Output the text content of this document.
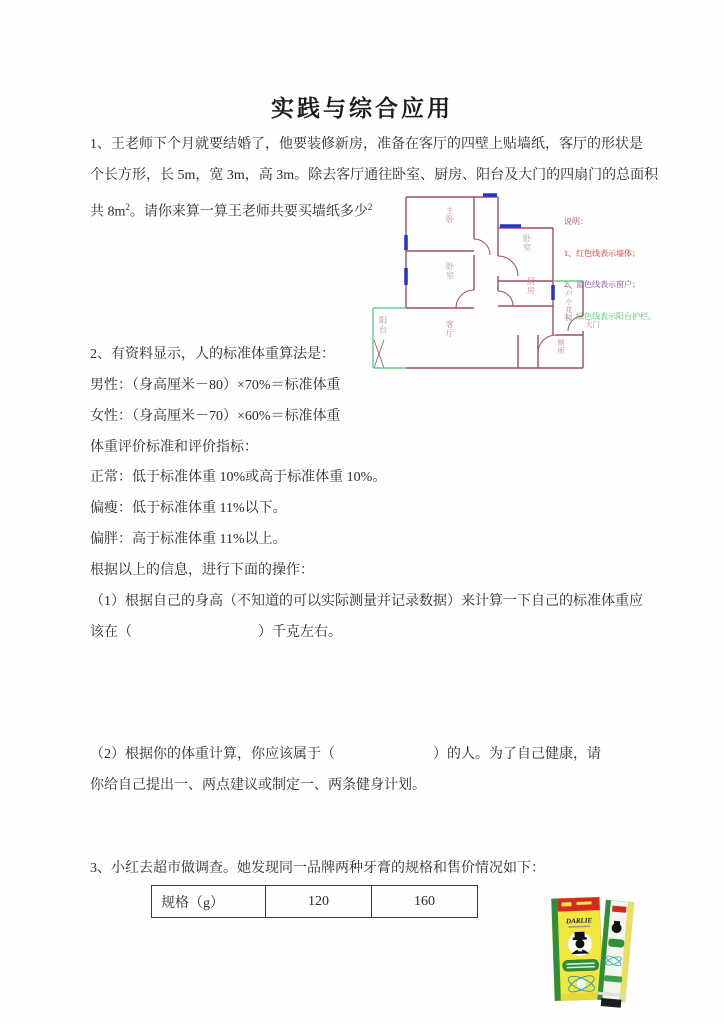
实践与综合应用
1、王老师下个月就要结婚了，他要装修新房，准备在客厅的四壁上贴墙纸，客厅的形状是
个长方形，长 5m，宽 3m，高 3m。除去客厅通往卧室、厨房、阳台及大门的四扇门的总面积
共 $8m^2$。请你来算一算王老师共要买墙纸多少$^2$

说明：

1、红色线表示墙体；

2、蓝色线表示窗户；

3、绿色线表示阳台护栏。

主卧
卧室
卧室
厨房	入户小花园
大门
厕所
客厅
阳台
2、有资料显示，人的标准体重算法是：
男性：（身高厘米－80）×70%＝标准体重
女性：（身高厘米－70）×60%＝标准体重
体重评价标准和评价指标：
正常：低于标准体重 10%或高于标准体重 10%。
偏瘦：低于标准体重 11%以下。
偏胖：高于标准体重 11%以上。
根据以上的信息，进行下面的操作：
（1）根据自己的身高（不知道的可以实际测量并记录数据）来计算一下自己的标准体重应
该在（　　　　　　　　　）千克左右。
（2）根据你的体重计算，你应该属于（　　　　　　　）的人。为了自己健康，请
你给自己提出一、两点建议或制定一、两条健身计划。
3、小红去超市做调查。她发现同一品牌两种牙膏的规格和售价情况如下：
规格（g）	120	160
DARLIE
